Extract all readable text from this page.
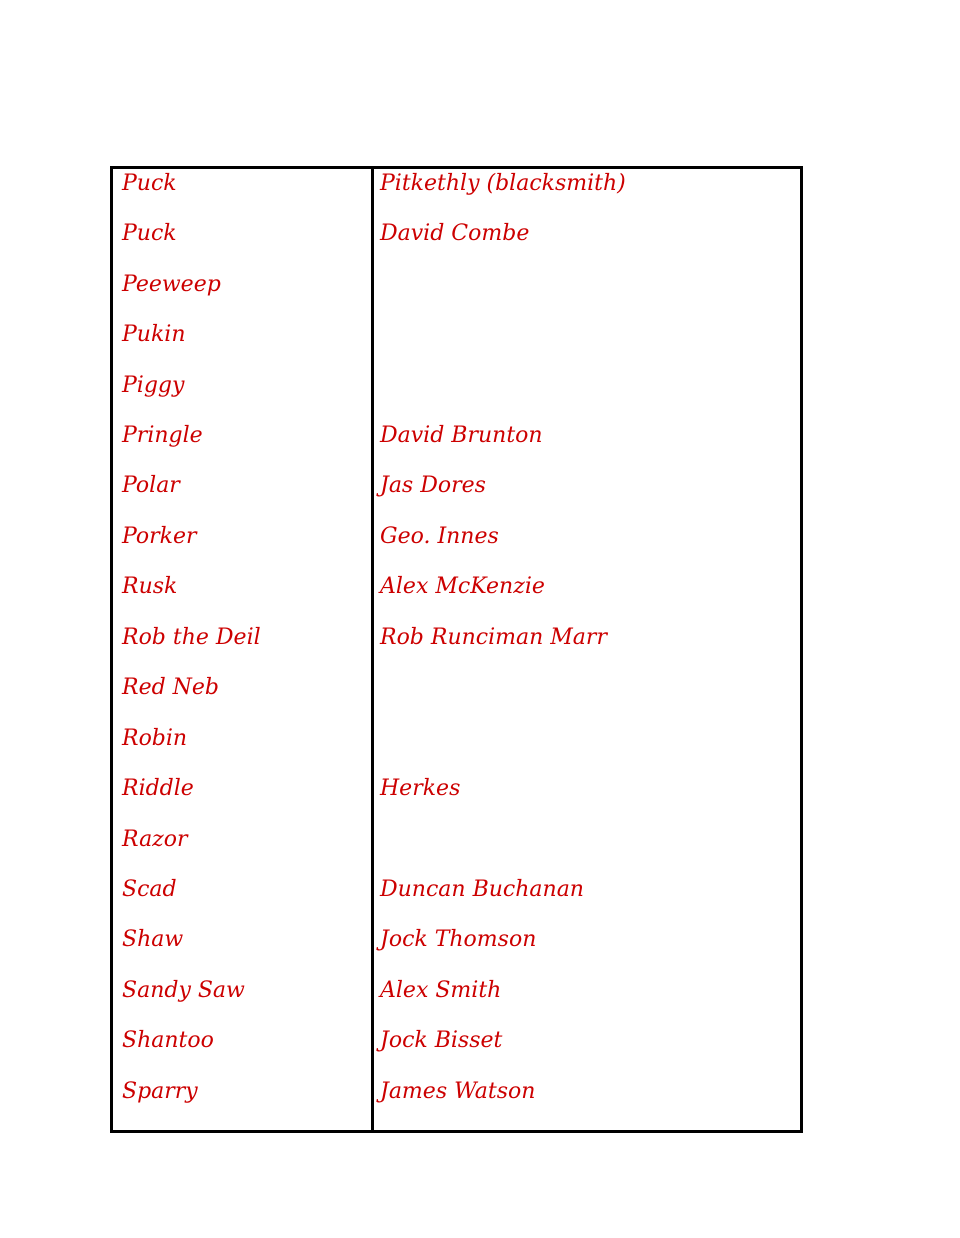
Puck	Pitkethly (blacksmith)
Puck	David Combe
Peeweep
Pukin
Piggy
Pringle	David Brunton
Polar	Jas Dores
Porker	Geo. Innes
Rusk	Alex McKenzie
Rob the Deil	Rob Runciman Marr
Red Neb
Robin
Riddle	Herkes
Razor
Scad	Duncan Buchanan
Shaw	Jock Thomson
Sandy Saw	Alex Smith
Shantoo	Jock Bisset
Sparry	James Watson
